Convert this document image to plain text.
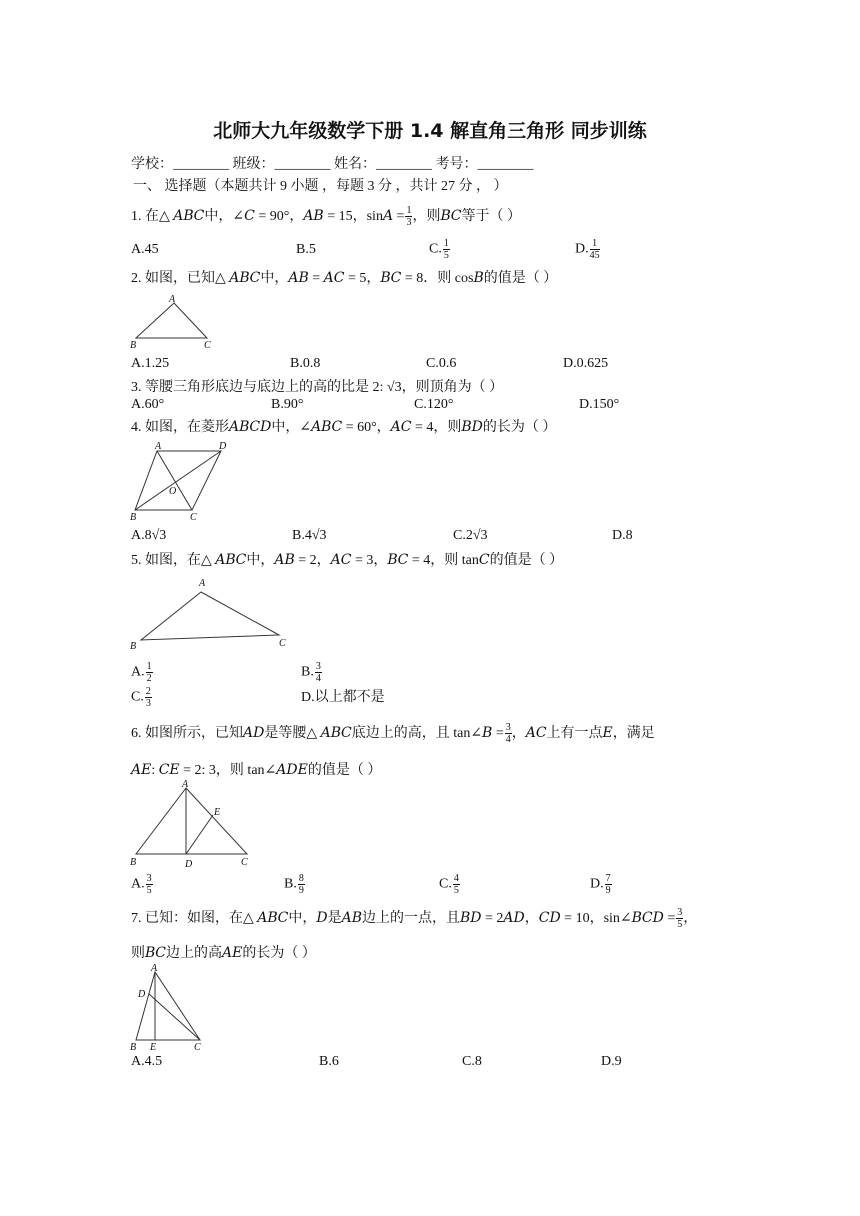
北师大九年级数学下册 1.4 解直角三角形 同步训练
学校：________ 班级：________ 姓名：________ 考号：________
一、 选择题（本题共计 9 小题 ，每题 3 分 ，共计 27 分 ， ）
1. 在△ 𝐴𝐵𝐶中，∠𝐶 = 90°，𝐴𝐵 = 15，sin𝐴 = $\frac{1}{3}$ ，则𝐵𝐶等于（ ）
A.45	B.5	C. $\frac{1}{5}$	D. $\frac{1}{45}$
2. 如图，已知△ 𝐴𝐵𝐶中，𝐴𝐵 = 𝐴𝐶 = 5，𝐵𝐶 = 8．则 cos𝐵的值是（ ）
A
B	C
A.1.25	B.0.8	C.0.6	D.0.625
3. 等腰三角形底边与底边上的高的比是 2: √3，则顶角为（ ）
A.60°	B.90°	C.120°	D.150°
4. 如图，在菱形𝐴𝐵𝐶𝐷中，∠𝐴𝐵𝐶 = 60°，𝐴𝐶 = 4，则𝐵𝐷的长为（ ）
A	D
O
B	C
A.8√3	B.4√3	C.2√3	D.8
5. 如图，在△ 𝐴𝐵𝐶中，𝐴𝐵 = 2，𝐴𝐶 = 3，𝐵𝐶 = 4，则 tan𝐶的值是（ ）
A
B	C
A. $\frac{1}{2}$	B. $\frac{3}{4}$
C. $\frac{2}{3}$	D.以上都不是
6. 如图所示，已知𝐴𝐷是等腰△ 𝐴𝐵𝐶底边上的高，且 tan∠𝐵 = $\frac{3}{4}$ ，𝐴𝐶上有一点𝐸，满足
𝐴𝐸: 𝐶𝐸 = 2: 3，则 tan∠𝐴𝐷𝐸的值是（ ）
A
E
B	D	C
A. $\frac{3}{5}$	B. $\frac{8}{9}$	C. $\frac{4}{5}$	D. $\frac{7}{9}$
7. 已知：如图，在△ 𝐴𝐵𝐶中，𝐷是𝐴𝐵边上的一点，且𝐵𝐷 = 2𝐴𝐷，𝐶𝐷 = 10，sin∠𝐵𝐶𝐷 = $\frac{3}{5}$ ，
则𝐵𝐶边上的高𝐴𝐸的长为（ ）
A
D
B E	C
A.4.5	B.6	C.8	D.9
